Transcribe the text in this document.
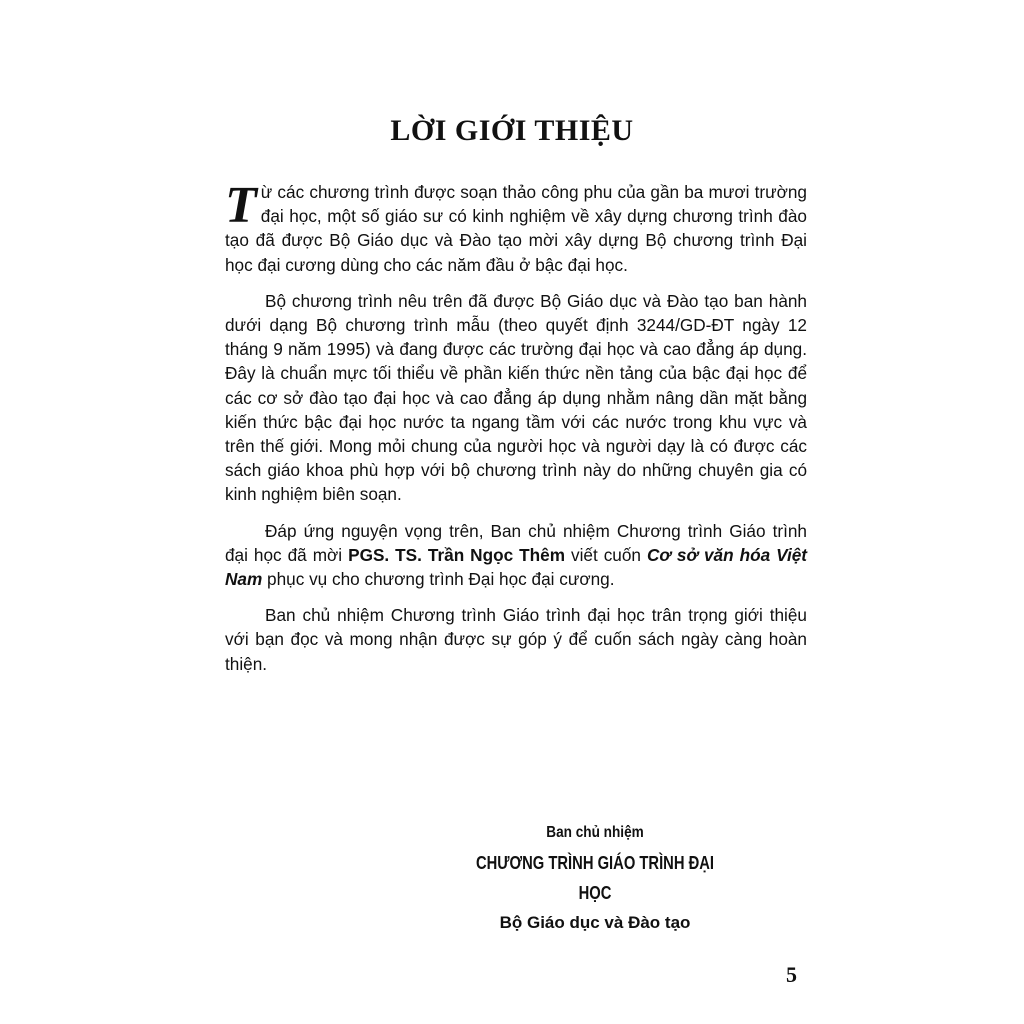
LỜI GIỚI THIỆU

Từ các chương trình được soạn thảo công phu của gần ba mươi trường đại học, một số giáo sư có kinh nghiệm về xây dựng chương trình đào tạo đã được Bộ Giáo dục và Đào tạo mời xây dựng Bộ chương trình Đại học đại cương dùng cho các năm đầu ở bậc đại học.

Bộ chương trình nêu trên đã được Bộ Giáo dục và Đào tạo ban hành dưới dạng Bộ chương trình mẫu (theo quyết định 3244/GD-ĐT ngày 12 tháng 9 năm 1995) và đang được các trường đại học và cao đẳng áp dụng. Đây là chuẩn mực tối thiểu về phần kiến thức nền tảng của bậc đại học để các cơ sở đào tạo đại học và cao đẳng áp dụng nhằm nâng dần mặt bằng kiến thức bậc đại học nước ta ngang tầm với các nước trong khu vực và trên thế giới. Mong mỏi chung của người học và người dạy là có được các sách giáo khoa phù hợp với bộ chương trình này do những chuyên gia có kinh nghiệm biên soạn.

Đáp ứng nguyện vọng trên, Ban chủ nhiệm Chương trình Giáo trình đại học đã mời PGS. TS. Trần Ngọc Thêm viết cuốn Cơ sở văn hóa Việt Nam phục vụ cho chương trình Đại học đại cương.

Ban chủ nhiệm Chương trình Giáo trình đại học trân trọng giới thiệu với bạn đọc và mong nhận được sự góp ý để cuốn sách ngày càng hoàn thiện.

Ban chủ nhiệm
CHƯƠNG TRÌNH GIÁO TRÌNH ĐẠI HỌC
Bộ Giáo dục và Đào tạo
5
